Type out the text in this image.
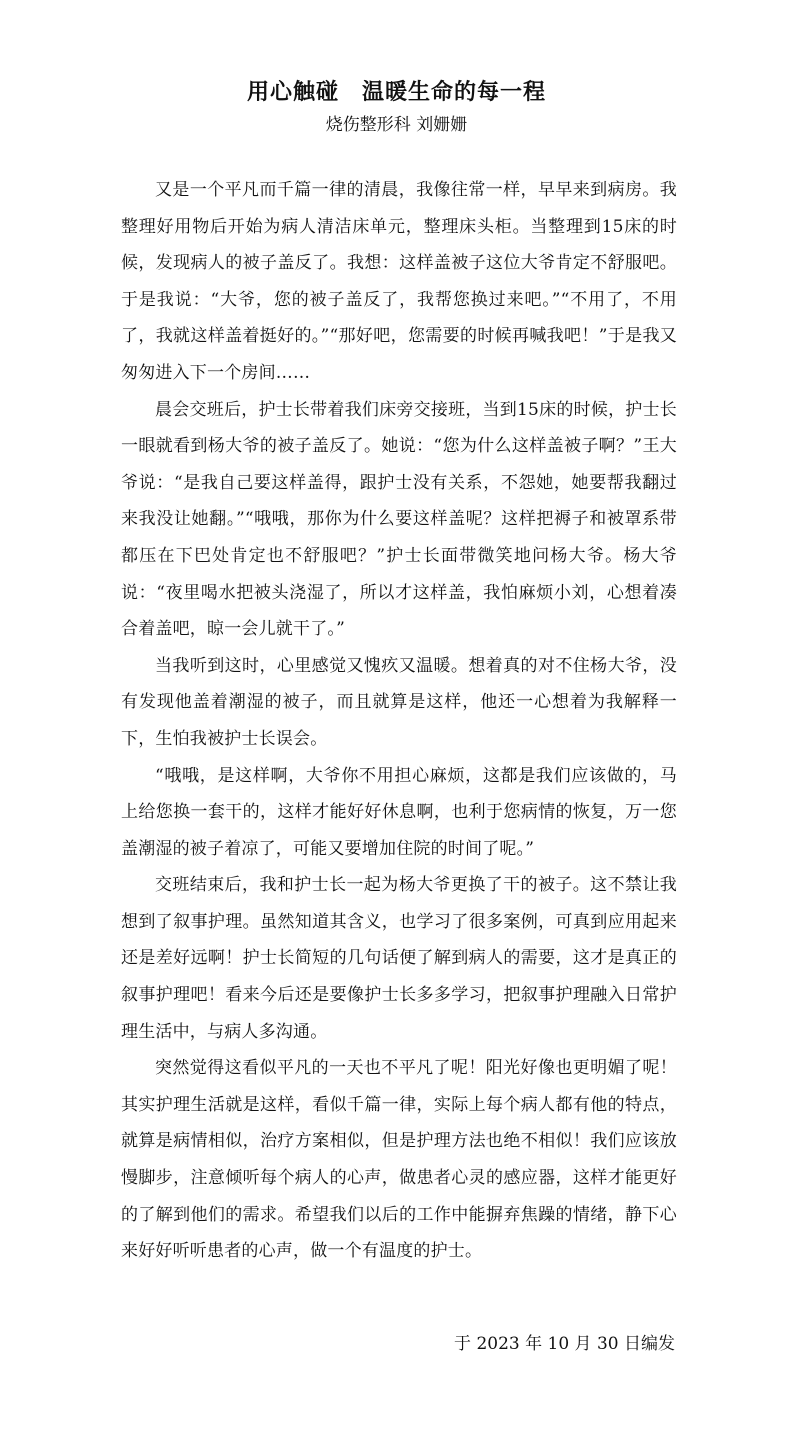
用心触碰　温暖生命的每一程
烧伤整形科 刘姗姗

又是一个平凡而千篇一律的清晨，我像往常一样，早早来到病房。我整理好用物后开始为病人清洁床单元，整理床头柜。当整理到15床的时候，发现病人的被子盖反了。我想：这样盖被子这位大爷肯定不舒服吧。于是我说：“大爷，您的被子盖反了，我帮您换过来吧。”“不用了，不用了，我就这样盖着挺好的。”“那好吧，您需要的时候再喊我吧！”于是我又匆匆进入下一个房间……

晨会交班后，护士长带着我们床旁交接班，当到15床的时候，护士长一眼就看到杨大爷的被子盖反了。她说：“您为什么这样盖被子啊？”王大爷说：“是我自己要这样盖得，跟护士没有关系，不怨她，她要帮我翻过来我没让她翻。”“哦哦，那你为什么要这样盖呢？这样把褥子和被罩系带都压在下巴处肯定也不舒服吧？”护士长面带微笑地问杨大爷。杨大爷说：“夜里喝水把被头浇湿了，所以才这样盖，我怕麻烦小刘，心想着凑合着盖吧，晾一会儿就干了。”

当我听到这时，心里感觉又愧疚又温暖。想着真的对不住杨大爷，没有发现他盖着潮湿的被子，而且就算是这样，他还一心想着为我解释一下，生怕我被护士长误会。

“哦哦，是这样啊，大爷你不用担心麻烦，这都是我们应该做的，马上给您换一套干的，这样才能好好休息啊，也利于您病情的恢复，万一您盖潮湿的被子着凉了，可能又要增加住院的时间了呢。”

交班结束后，我和护士长一起为杨大爷更换了干的被子。这不禁让我想到了叙事护理。虽然知道其含义，也学习了很多案例，可真到应用起来还是差好远啊！护士长简短的几句话便了解到病人的需要，这才是真正的叙事护理吧！看来今后还是要像护士长多多学习，把叙事护理融入日常护理生活中，与病人多沟通。

突然觉得这看似平凡的一天也不平凡了呢！阳光好像也更明媚了呢！其实护理生活就是这样，看似千篇一律，实际上每个病人都有他的特点，就算是病情相似，治疗方案相似，但是护理方法也绝不相似！我们应该放慢脚步，注意倾听每个病人的心声，做患者心灵的感应器，这样才能更好的了解到他们的需求。希望我们以后的工作中能摒弃焦躁的情绪，静下心来好好听听患者的心声，做一个有温度的护士。

于 2023 年 10 月 30 日编发
